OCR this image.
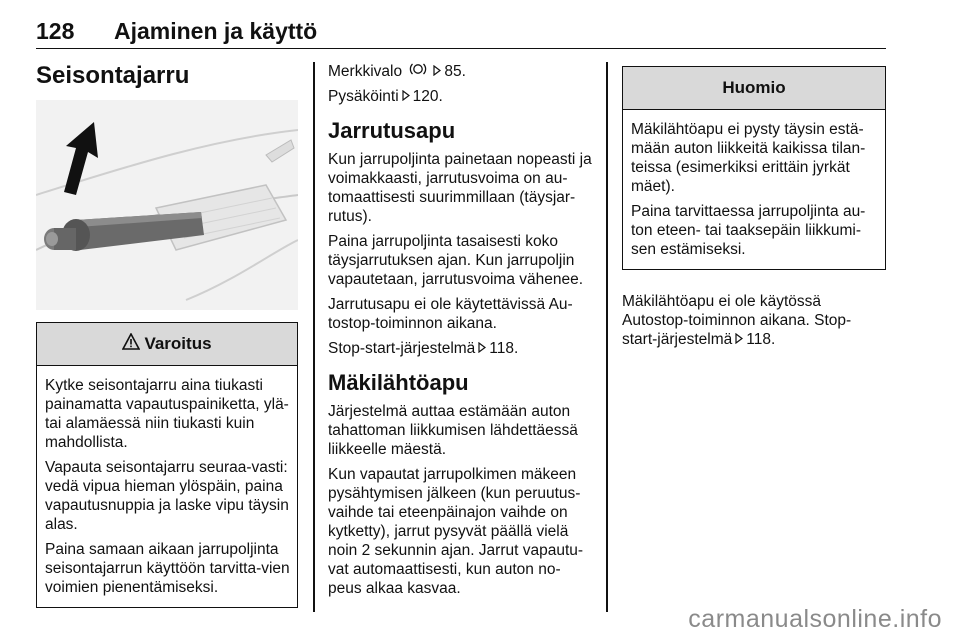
128 Ajaminen ja käyttö
Seisontajarru
Varoitus

Kytke seisontajarru aina tiukasti painamatta vapautuspainiketta, ylä- tai alamäessä niin tiukasti kuin mahdollista.

Vapauta seisontajarru seuraa-vasti: vedä vipua hieman ylöspäin, paina vapautusnuppia ja laske vipu täysin alas.

Paina samaan aikaan jarrupoljinta seisontajarrun käyttöön tarvitta-vien voimien pienentämiseksi.

Merkkivalo	85.

Pysäköinti 120.

Jarrutusapu

Kun jarrupoljinta painetaan nopeasti ja voimakkaasti, jarrutusvoima on au-tomaattisesti suurimmillaan (täysjar-rutus).

Paina jarrupoljinta tasaisesti koko täysjarrutuksen ajan. Kun jarrupoljin vapautetaan, jarrutusvoima vähenee.

Jarrutusapu ei ole käytettävissä Au-tostop-toiminnon aikana.

Stop-start-järjestelmä 118.

Mäkilähtöapu

Järjestelmä auttaa estämään auton tahattoman liikkumisen lähdettäessä liikkeelle mäestä.

Kun vapautat jarrupolkimen mäkeen pysähtymisen jälkeen (kun peruutus-vaihde tai eteenpäinajon vaihde on kytketty), jarrut pysyvät päällä vielä noin 2 sekunnin ajan. Jarrut vapautu-vat automaattisesti, kun auton no-peus alkaa kasvaa.

Huomio

Mäkilähtöapu ei pysty täysin estä-mään auton liikkeitä kaikissa tilan-teissa (esimerkiksi erittäin jyrkät mäet).

Paina tarvittaessa jarrupoljinta au-ton eteen- tai taaksepäin liikkumi-sen estämiseksi.

Mäkilähtöapu ei ole käytössä Autostop-toiminnon aikana. Stop-start-järjestelmä 118.

carmanualsonline.info
